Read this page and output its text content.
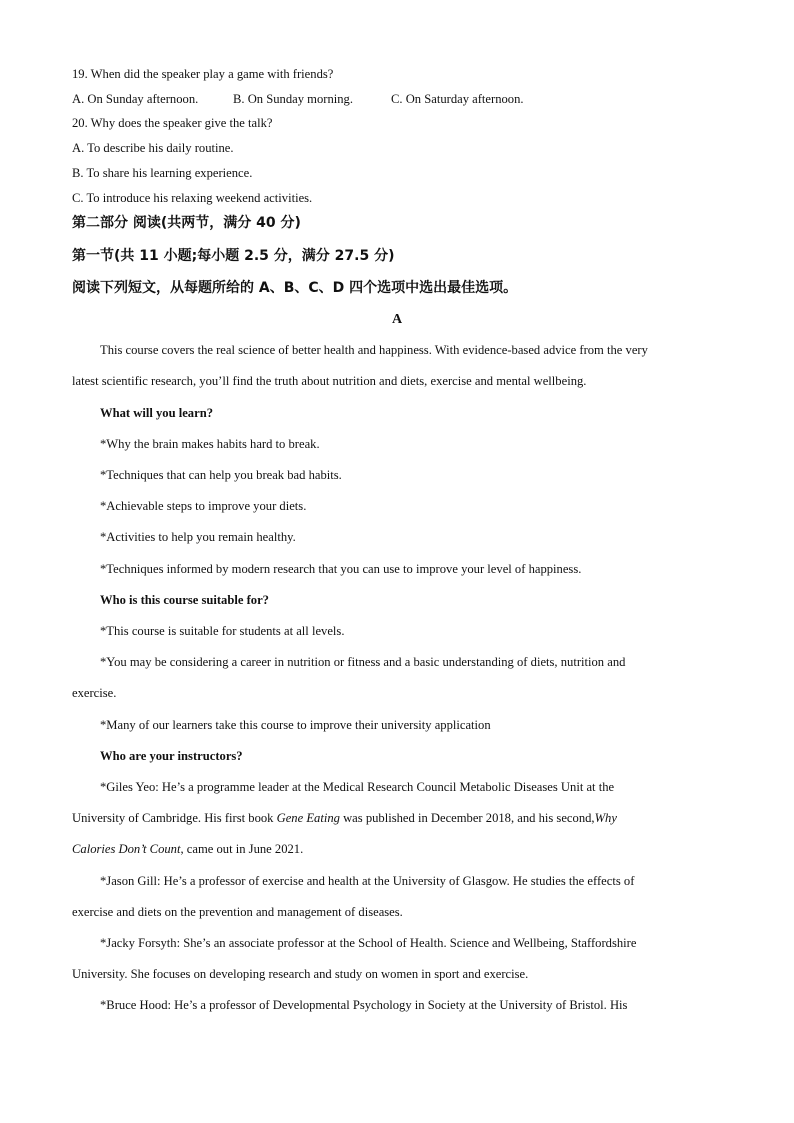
19. When did the speaker play a game with friends?
A. On Sunday afternoon.	B. On Sunday morning.	C. On Saturday afternoon.
20. Why does the speaker give the talk?
A. To describe his daily routine.
B. To share his learning experience.
C. To introduce his relaxing weekend activities.
第二部分 阅读(共两节，满分 40 分)
第一节(共 11 小题;每小题 2.5 分，满分 27.5 分)
阅读下列短文，从每题所给的 A、B、C、D 四个选项中选出最佳选项。
A
This course covers the real science of better health and happiness. With evidence-based advice from the very
latest scientific research, you’ll find the truth about nutrition and diets, exercise and mental wellbeing.
What will you learn?
*Why the brain makes habits hard to break.
*Techniques that can help you break bad habits.
*Achievable steps to improve your diets.
*Activities to help you remain healthy.
*Techniques informed by modern research that you can use to improve your level of happiness.
Who is this course suitable for?
*This course is suitable for students at all levels.
*You may be considering a career in nutrition or fitness and a basic understanding of diets, nutrition and
exercise.
*Many of our learners take this course to improve their university application
Who are your instructors?
*Giles Yeo: He’s a programme leader at the Medical Research Council Metabolic Diseases Unit at the
University of Cambridge. His first book Gene Eating was published in December 2018, and his second,Why
Calories Don’t Count, came out in June 2021.
*Jason Gill: He’s a professor of exercise and health at the University of Glasgow. He studies the effects of
exercise and diets on the prevention and management of diseases.
*Jacky Forsyth: She’s an associate professor at the School of Health. Science and Wellbeing, Staffordshire
University. She focuses on developing research and study on women in sport and exercise.
*Bruce Hood: He’s a professor of Developmental Psychology in Society at the University of Bristol. His
